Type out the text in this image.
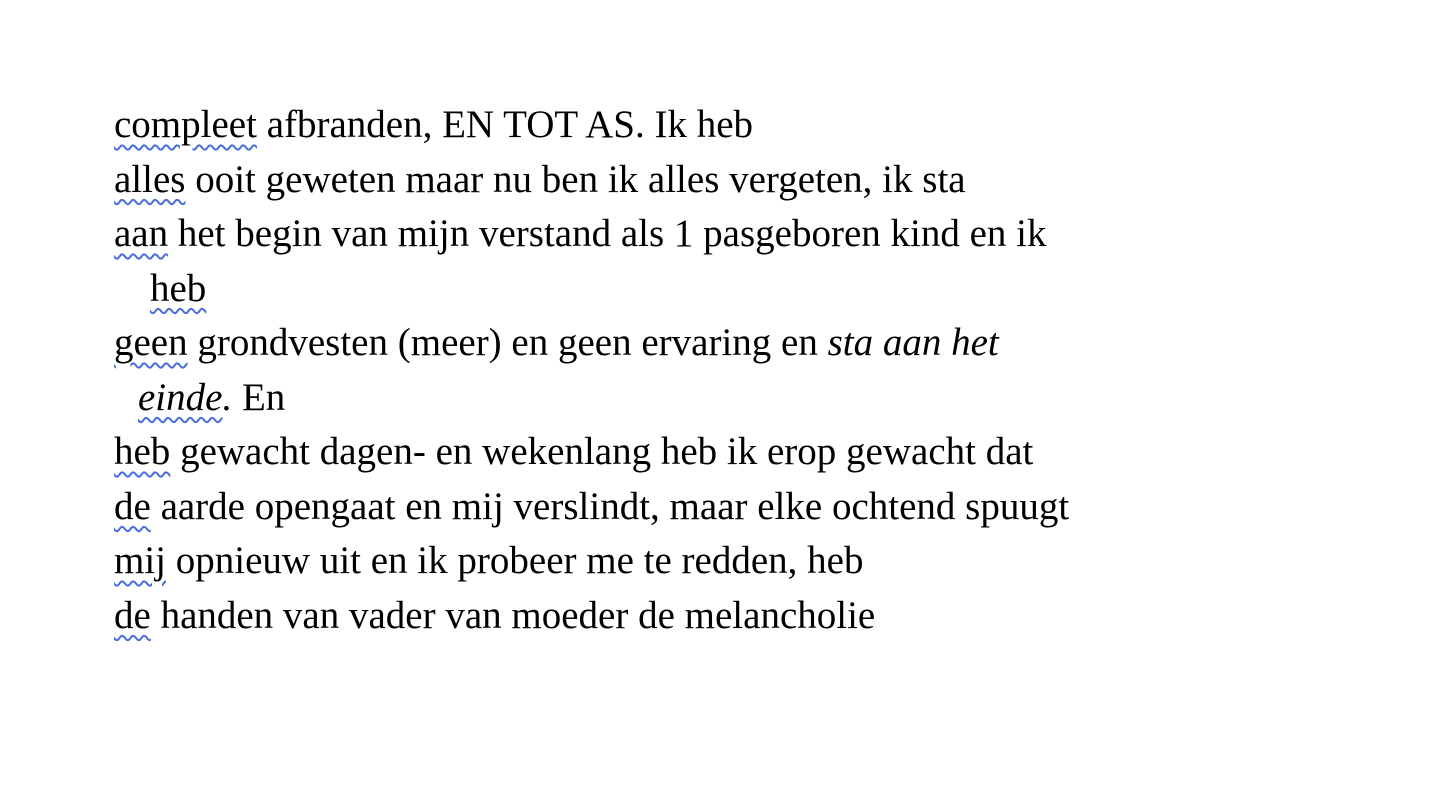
compleet afbranden, EN TOT AS. Ik heb
alles ooit geweten maar nu ben ik alles vergeten, ik sta
aan het begin van mijn verstand als 1 pasgeboren kind en ik
heb
geen grondvesten (meer) en geen ervaring en sta aan het
einde. En
heb gewacht dagen- en wekenlang heb ik erop gewacht dat
de aarde opengaat en mij verslindt, maar elke ochtend spuugt
mij opnieuw uit en ik probeer me te redden, heb
de handen van vader van moeder de melancholie
